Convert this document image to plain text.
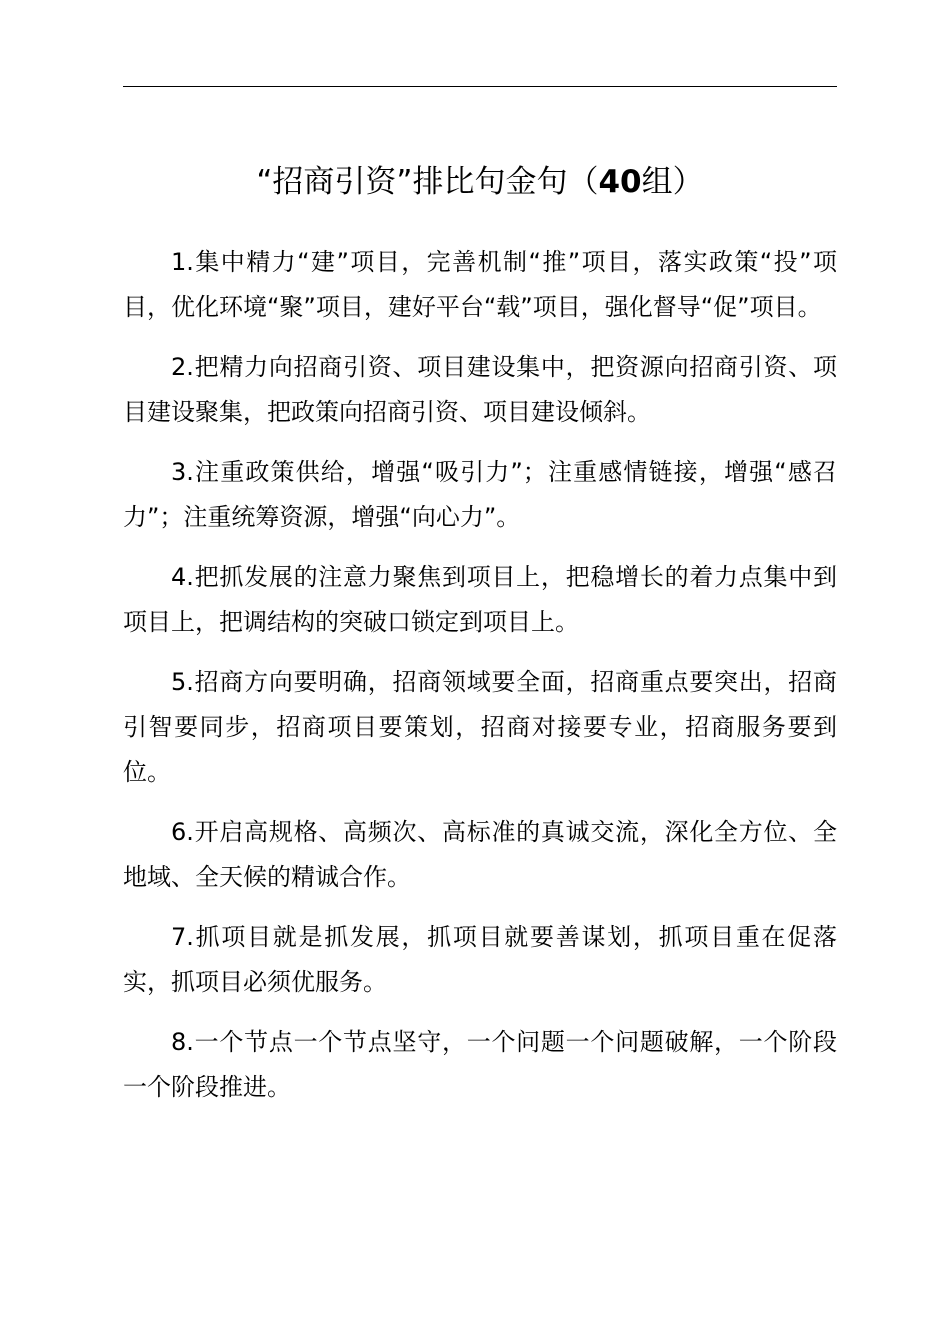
“招商引资”排比句金句（40组）

1.集中精力“建”项目，完善机制“推”项目，落实政策“投”项目，优化环境“聚”项目，建好平台“载”项目，强化督导“促”项目。

2.把精力向招商引资、项目建设集中，把资源向招商引资、项目建设聚集，把政策向招商引资、项目建设倾斜。

3.注重政策供给，增强“吸引力”；注重感情链接，增强“感召力”；注重统筹资源，增强“向心力”。

4.把抓发展的注意力聚焦到项目上，把稳增长的着力点集中到项目上，把调结构的突破口锁定到项目上。

5.招商方向要明确，招商领域要全面，招商重点要突出，招商引智要同步，招商项目要策划，招商对接要专业，招商服务要到位。

6.开启高规格、高频次、高标准的真诚交流，深化全方位、全地域、全天候的精诚合作。

7.抓项目就是抓发展，抓项目就要善谋划，抓项目重在促落实，抓项目必须优服务。

8.一个节点一个节点坚守，一个问题一个问题破解，一个阶段一个阶段推进。
